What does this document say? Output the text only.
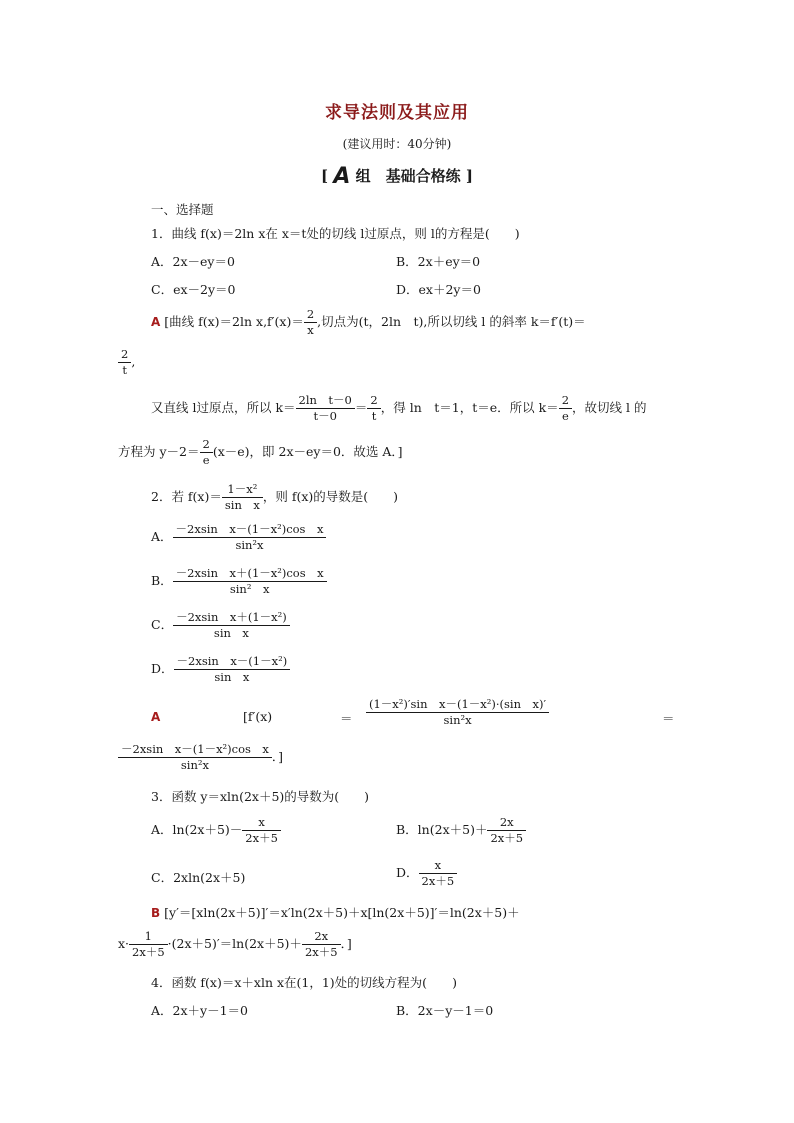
求导法则及其应用
(建议用时：40分钟)
[ A 组　基础合格练 ]
一、选择题
1．曲线 f(x)＝2ln x在 x＝t处的切线 l过原点，则 l的方程是(　　)
A．2x－ey＝0	B．2x＋ey＝0
C．ex－2y＝0	D．ex＋2y＝0
A [曲线 f(x)＝2ln $x,f'(x)= \frac{2}{x}$ ,切点为(t，2ln　t),所以切线 l 的斜率 k＝f′(t)＝
$\frac{2}{t}$ ,
又直线 l过原点，所以 $k= \frac{\text{2ln　t－0}}{t-0} = \frac{2}{t}$ ，得 ln　t＝1，t＝e．所以 $k= \frac{2}{e}$ ，故切线 l 的
方程为 $y-2= \frac{2}{e} (x-e)$，即 2x－ey＝0．故选 A．]
2．若 $f(x)= \frac{\text{1－x²}}{\text{sin　x}}$ ，则 f(x)的导数是(　　)
A． $\frac{\text{－2xsin　x－(1－x²)cos　x}}{\text{sin²x}}$
B． $\frac{\text{－2xsin　x＋(1－x²)cos　x}}{\text{sin²　x}}$
C． $\frac{\text{－2xsin　x＋(1－x²)}}{\text{sin　x}}$
D． $\frac{\text{－2xsin　x－(1－x²)}}{\text{sin　x}}$
A	[f′(x)	＝ $\frac{\text{(1－x²)′sin　x－(1－x²)·(sin　x)′}}{\text{sin²x}}$	＝
$\frac{\text{－2xsin　x－(1－x²)cos　x}}{\text{sin²x}}$ ．]
3．函数 y＝xln(2x＋5)的导数为(　　)
A．$\ln(2x+5)- \frac{x}{2x+5}$	B．$\ln(2x+5)+ \frac{2x}{2x+5}$
C．2xln(2x＋5)	D． $\frac{x}{2x+5}$
B [y′＝[xln(2x＋5)]′＝x′ln(2x＋5)＋x[ln(2x＋5)]′＝ln(2x＋5)＋
$x\cdot \frac{1}{2x+5} \cdot(2x+5)'=\ln(2x+5)+ \frac{2x}{2x+5}$ ．]
4．函数 f(x)＝x＋xln x在(1，1)处的切线方程为(　　)
A．2x＋y－1＝0	B．2x－y－1＝0
